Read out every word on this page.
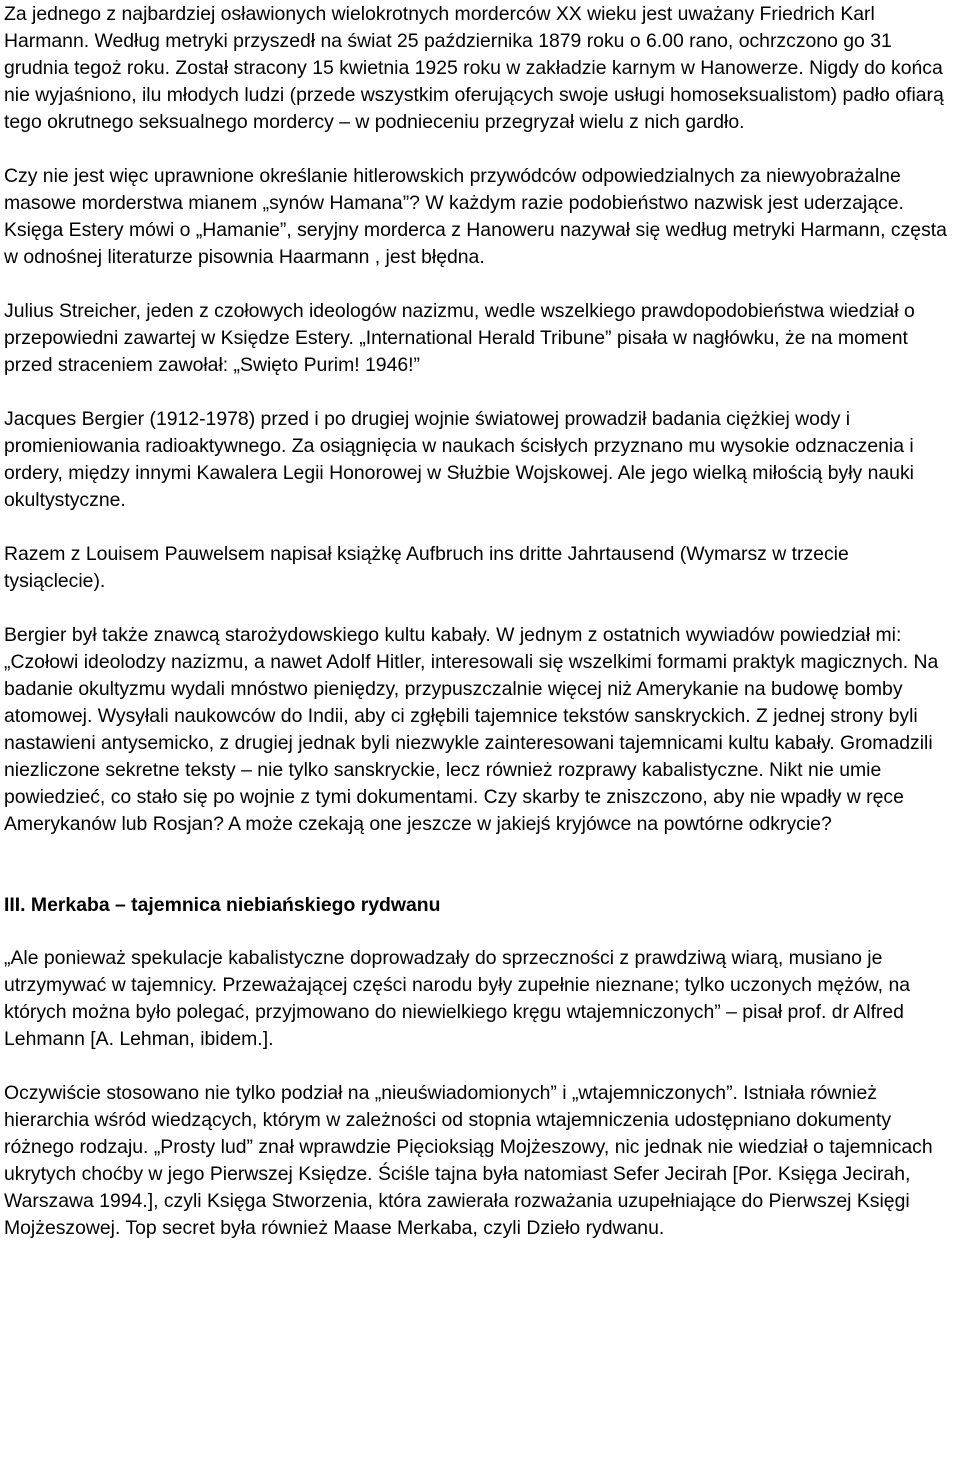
Za jednego z najbardziej osławionych wielokrotnych morderców XX wieku jest uważany Friedrich Karl Harmann. Według metryki przyszedł na świat 25 października 1879 roku o 6.00 rano, ochrzczono go 31 grudnia tegoż roku. Został stracony 15 kwietnia 1925 roku w zakładzie karnym w Hanowerze. Nigdy do końca nie wyjaśniono, ilu młodych ludzi (przede wszystkim oferujących swoje usługi homoseksualistom) padło ofiarą tego okrutnego seksualnego mordercy – w podnieceniu przegryzał wielu z nich gardło.

Czy nie jest więc uprawnione określanie hitlerowskich przywódców odpowiedzialnych za niewyobrażalne masowe morderstwa mianem „synów Hamana”? W każdym razie podobieństwo nazwisk jest uderzające. Księga Estery mówi o „Hamanie”, seryjny morderca z Hanoweru nazywał się według metryki Harmann, częsta w odnośnej literaturze pisownia Haarmann , jest błędna.

Julius Streicher, jeden z czołowych ideologów nazizmu, wedle wszelkiego prawdopodobieństwa wiedział o przepowiedni zawartej w Księdze Estery. „International Herald Tribune” pisała w nagłówku, że na moment przed straceniem zawołał: „Swięto Purim! 1946!”

Jacques Bergier (1912-1978) przed i po drugiej wojnie światowej prowadził badania ciężkiej wody i promieniowania radioaktywnego. Za osiągnięcia w naukach ścisłych przyznano mu wysokie odznaczenia i ordery, między innymi Kawalera Legii Honorowej w Służbie Wojskowej. Ale jego wielką miłością były nauki okultystyczne.

Razem z Louisem Pauwelsem napisał książkę Aufbruch ins dritte Jahrtausend (Wymarsz w trzecie tysiąclecie).

Bergier był także znawcą starożydowskiego kultu kabały. W jednym z ostatnich wywiadów powiedział mi: „Czołowi ideolodzy nazizmu, a nawet Adolf Hitler, interesowali się wszelkimi formami praktyk magicznych. Na badanie okultyzmu wydali mnóstwo pieniędzy, przypuszczalnie więcej niż Amerykanie na budowę bomby atomowej. Wysyłali naukowców do Indii, aby ci zgłębili tajemnice tekstów sanskryckich. Z jednej strony byli nastawieni antysemicko, z drugiej jednak byli niezwykle zainteresowani tajemnicami kultu kabały. Gromadzili niezliczone sekretne teksty – nie tylko sanskryckie, lecz również rozprawy kabalistyczne. Nikt nie umie powiedzieć, co stało się po wojnie z tymi dokumentami. Czy skarby te zniszczono, aby nie wpadły w ręce Amerykanów lub Rosjan? A może czekają one jeszcze w jakiejś kryjówce na powtórne odkrycie?

III. Merkaba – tajemnica niebiańskiego rydwanu

„Ale ponieważ spekulacje kabalistyczne doprowadzały do sprzeczności z prawdziwą wiarą, musiano je utrzymywać w tajemnicy. Przeważającej części narodu były zupełnie nieznane; tylko uczonych mężów, na których można było polegać, przyjmowano do niewielkiego kręgu wtajemniczonych” – pisał prof. dr Alfred Lehmann [A. Lehman, ibidem.].

Oczywiście stosowano nie tylko podział na „nieuświadomionych” i „wtajemniczonych”. Istniała również hierarchia wśród wiedzących, którym w zależności od stopnia wtajemniczenia udostępniano dokumenty różnego rodzaju. „Prosty lud” znał wprawdzie Pięcioksiąg Mojżeszowy, nic jednak nie wiedział o tajemnicach ukrytych choćby w jego Pierwszej Księdze. Ściśle tajna była natomiast Sefer Jecirah [Por. Księga Jecirah, Warszawa 1994.], czyli Księga Stworzenia, która zawierała rozważania uzupełniające do Pierwszej Księgi Mojżeszowej. Top secret była również Maase Merkaba, czyli Dzieło rydwanu.
